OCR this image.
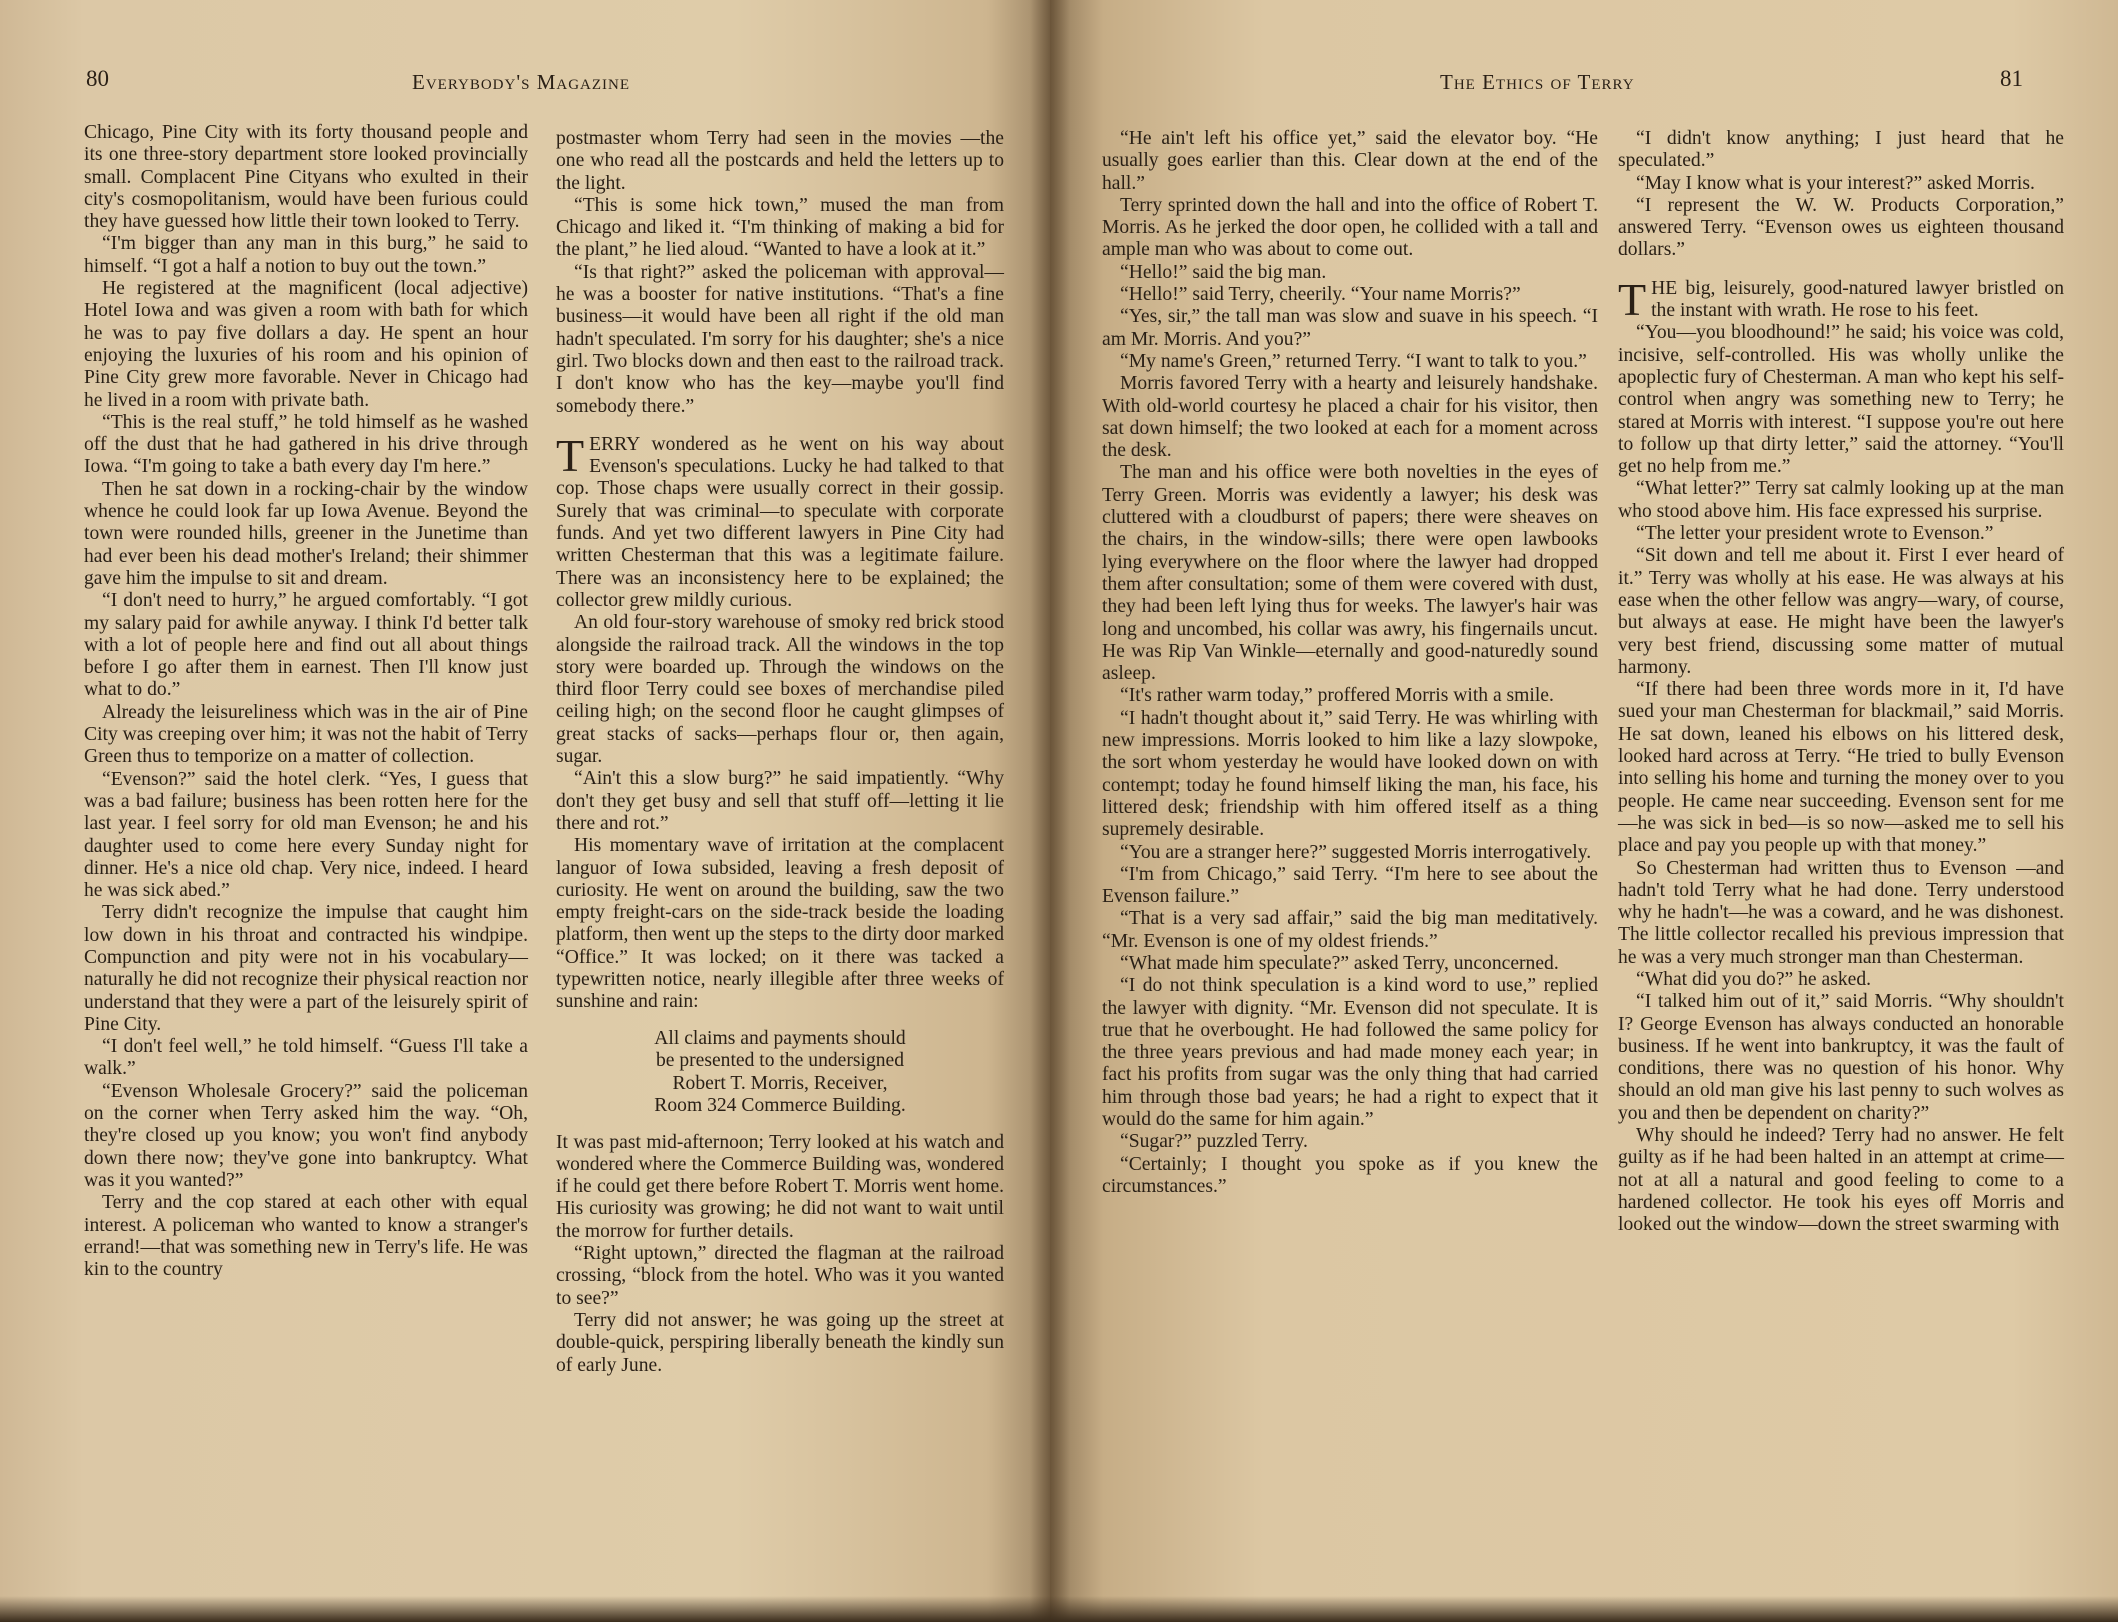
80	Everybody's Magazine

Chicago, Pine City with its forty thousand people and its one three-story department store looked provincially small. Complacent Pine Cityans who exulted in their city's cosmopolitanism, would have been furious could they have guessed how little their town looked to Terry.

“I'm bigger than any man in this burg,” he said to himself. “I got a half a notion to buy out the town.”

He registered at the magnificent (local adjective) Hotel Iowa and was given a room with bath for which he was to pay five dollars a day. He spent an hour enjoying the luxuries of his room and his opinion of Pine City grew more favorable. Never in Chicago had he lived in a room with private bath.

“This is the real stuff,” he told himself as he washed off the dust that he had gathered in his drive through Iowa. “I'm going to take a bath every day I'm here.”

Then he sat down in a rocking-chair by the window whence he could look far up Iowa Avenue. Beyond the town were rounded hills, greener in the Junetime than had ever been his dead mother's Ireland; their shimmer gave him the impulse to sit and dream.

“I don't need to hurry,” he argued comfortably. “I got my salary paid for awhile anyway. I think I'd better talk with a lot of people here and find out all about things before I go after them in earnest. Then I'll know just what to do.”

Already the leisureliness which was in the air of Pine City was creeping over him; it was not the habit of Terry Green thus to temporize on a matter of collection.

“Evenson?” said the hotel clerk. “Yes, I guess that was a bad failure; business has been rotten here for the last year. I feel sorry for old man Evenson; he and his daughter used to come here every Sunday night for dinner. He's a nice old chap. Very nice, indeed. I heard he was sick abed.”

Terry didn't recognize the impulse that caught him low down in his throat and contracted his windpipe. Compunction and pity were not in his vocabulary—naturally he did not recognize their physical reaction nor understand that they were a part of the leisurely spirit of Pine City.

“I don't feel well,” he told himself. “Guess I'll take a walk.”

“Evenson Wholesale Grocery?” said the policeman on the corner when Terry asked him the way. “Oh, they're closed up you know; you won't find anybody down there now; they've gone into bankruptcy. What was it you wanted?”

Terry and the cop stared at each other with equal interest. A policeman who wanted to know a stranger's errand!—that was something new in Terry's life. He was kin to the country

postmaster whom Terry had seen in the movies —the one who read all the postcards and held the letters up to the light.

“This is some hick town,” mused the man from Chicago and liked it. “I'm thinking of making a bid for the plant,” he lied aloud. “Wanted to have a look at it.”

“Is that right?” asked the policeman with approval—he was a booster for native institutions. “That's a fine business—it would have been all right if the old man hadn't speculated. I'm sorry for his daughter; she's a nice girl. Two blocks down and then east to the railroad track. I don't know who has the key—maybe you'll find somebody there.”

TERRY wondered as he went on his way about Evenson's speculations. Lucky he had talked to that cop. Those chaps were usually correct in their gossip. Surely that was criminal—to speculate with corporate funds. And yet two different lawyers in Pine City had written Chesterman that this was a legitimate failure. There was an inconsistency here to be explained; the collector grew mildly curious.

An old four-story warehouse of smoky red brick stood alongside the railroad track. All the windows in the top story were boarded up. Through the windows on the third floor Terry could see boxes of merchandise piled ceiling high; on the second floor he caught glimpses of great stacks of sacks—perhaps flour or, then again, sugar.

“Ain't this a slow burg?” he said impatiently. “Why don't they get busy and sell that stuff off—letting it lie there and rot.”

His momentary wave of irritation at the complacent languor of Iowa subsided, leaving a fresh deposit of curiosity. He went on around the building, saw the two empty freight-cars on the side-track beside the loading platform, then went up the steps to the dirty door marked “Office.” It was locked; on it there was tacked a typewritten notice, nearly illegible after three weeks of sunshine and rain:

All claims and payments should
be presented to the undersigned
Robert T. Morris, Receiver,
Room 324 Commerce Building.

It was past mid-afternoon; Terry looked at his watch and wondered where the Commerce Building was, wondered if he could get there before Robert T. Morris went home. His curiosity was growing; he did not want to wait until the morrow for further details.

“Right uptown,” directed the flagman at the railroad crossing, “block from the hotel. Who was it you wanted to see?”

Terry did not answer; he was going up the street at double-quick, perspiring liberally beneath the kindly sun of early June.

The Ethics of Terry	81

“He ain't left his office yet,” said the elevator boy. “He usually goes earlier than this. Clear down at the end of the hall.”

Terry sprinted down the hall and into the office of Robert T. Morris. As he jerked the door open, he collided with a tall and ample man who was about to come out.

“Hello!” said the big man.

“Hello!” said Terry, cheerily. “Your name Morris?”

“Yes, sir,” the tall man was slow and suave in his speech. “I am Mr. Morris. And you?”

“My name's Green,” returned Terry. “I want to talk to you.”

Morris favored Terry with a hearty and leisurely handshake. With old-world courtesy he placed a chair for his visitor, then sat down himself; the two looked at each for a moment across the desk.

The man and his office were both novelties in the eyes of Terry Green. Morris was evidently a lawyer; his desk was cluttered with a cloudburst of papers; there were sheaves on the chairs, in the window-sills; there were open lawbooks lying everywhere on the floor where the lawyer had dropped them after consultation; some of them were covered with dust, they had been left lying thus for weeks. The lawyer's hair was long and uncombed, his collar was awry, his fingernails uncut. He was Rip Van Winkle—eternally and good-naturedly sound asleep.

“It's rather warm today,” proffered Morris with a smile.

“I hadn't thought about it,” said Terry. He was whirling with new impressions. Morris looked to him like a lazy slowpoke, the sort whom yesterday he would have looked down on with contempt; today he found himself liking the man, his face, his littered desk; friendship with him offered itself as a thing supremely desirable.

“You are a stranger here?” suggested Morris interrogatively.

“I'm from Chicago,” said Terry. “I'm here to see about the Evenson failure.”

“That is a very sad affair,” said the big man meditatively. “Mr. Evenson is one of my oldest friends.”

“What made him speculate?” asked Terry, unconcerned.

“I do not think speculation is a kind word to use,” replied the lawyer with dignity. “Mr. Evenson did not speculate. It is true that he overbought. He had followed the same policy for the three years previous and had made money each year; in fact his profits from sugar was the only thing that had carried him through those bad years; he had a right to expect that it would do the same for him again.”

“Sugar?” puzzled Terry.

“Certainly; I thought you spoke as if you knew the circumstances.”

“I didn't know anything; I just heard that he speculated.”

“May I know what is your interest?” asked Morris.

“I represent the W. W. Products Corporation,” answered Terry. “Evenson owes us eighteen thousand dollars.”

THE big, leisurely, good-natured lawyer bristled on the instant with wrath. He rose to his feet.

“You—you bloodhound!” he said; his voice was cold, incisive, self-controlled. His was wholly unlike the apoplectic fury of Chesterman. A man who kept his self-control when angry was something new to Terry; he stared at Morris with interest. “I suppose you're out here to follow up that dirty letter,” said the attorney. “You'll get no help from me.”

“What letter?” Terry sat calmly looking up at the man who stood above him. His face expressed his surprise.

“The letter your president wrote to Evenson.”

“Sit down and tell me about it. First I ever heard of it.” Terry was wholly at his ease. He was always at his ease when the other fellow was angry—wary, of course, but always at ease. He might have been the lawyer's very best friend, discussing some matter of mutual harmony.

“If there had been three words more in it, I'd have sued your man Chesterman for blackmail,” said Morris. He sat down, leaned his elbows on his littered desk, looked hard across at Terry. “He tried to bully Evenson into selling his home and turning the money over to you people. He came near succeeding. Evenson sent for me—he was sick in bed—is so now—asked me to sell his place and pay you people up with that money.”

So Chesterman had written thus to Evenson —and hadn't told Terry what he had done. Terry understood why he hadn't—he was a coward, and he was dishonest. The little collector recalled his previous impression that he was a very much stronger man than Chesterman.

“What did you do?” he asked.

“I talked him out of it,” said Morris. “Why shouldn't I? George Evenson has always conducted an honorable business. If he went into bankruptcy, it was the fault of conditions, there was no question of his honor. Why should an old man give his last penny to such wolves as you and then be dependent on charity?”

Why should he indeed? Terry had no answer. He felt guilty as if he had been halted in an attempt at crime—not at all a natural and good feeling to come to a hardened collector. He took his eyes off Morris and looked out the window—down the street swarming with
